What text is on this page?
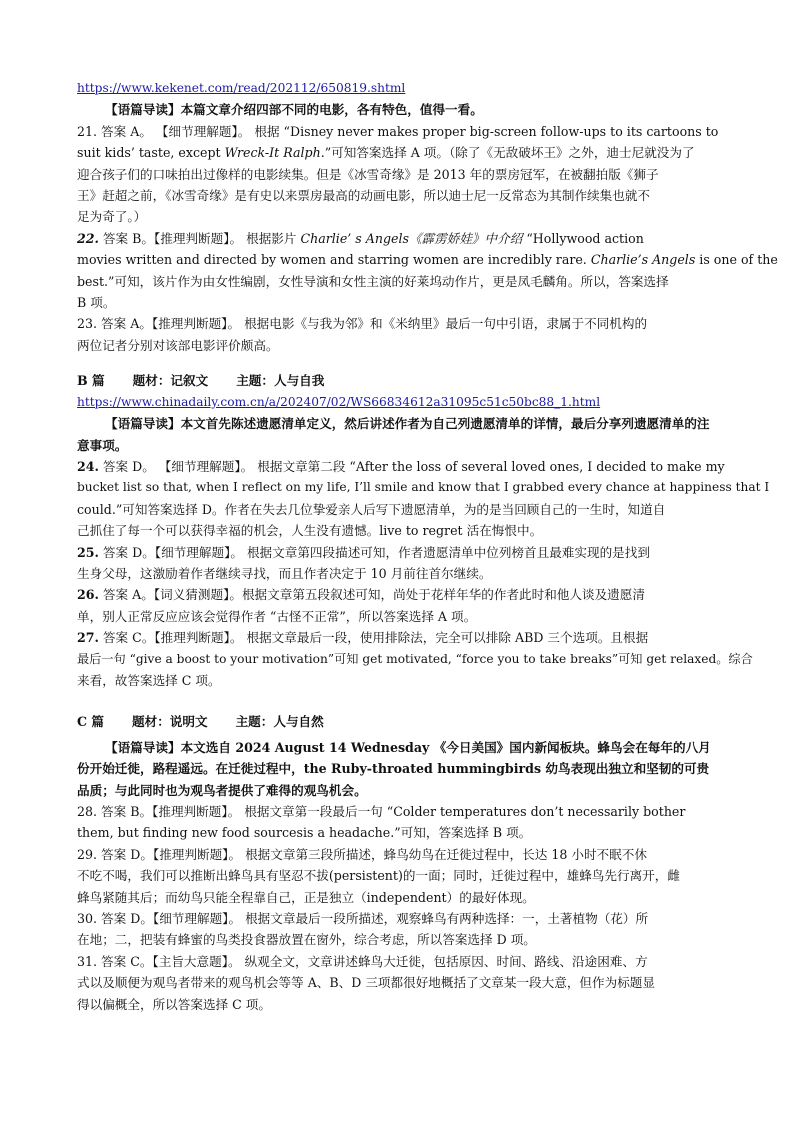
https://www.kekenet.com/read/202112/650819.shtml
【语篇导读】本篇文章介绍四部不同的电影，各有特色，值得一看。
21. 答案 A。 【细节理解题】。 根据 “Disney never makes proper big-screen follow-ups to its cartoons to
suit kids’ taste, except Wreck-It Ralph.”可知答案选择 A 项。（除了《无敌破坏王》之外，迪士尼就没为了
迎合孩子们的口味拍出过像样的电影续集。但是《冰雪奇缘》是 2013 年的票房冠军，在被翻拍版《狮子
王》赶超之前，《冰雪奇缘》是有史以来票房最高的动画电影，所以迪士尼一反常态为其制作续集也就不
足为奇了。）
22. 答案 B。【推理判断题】。 根据影片 Charlie’ s Angels《霹雳娇娃》中介绍 “Hollywood action
movies written and directed by women and starring women are incredibly rare. Charlie’s Angels is one of the
best.”可知，该片作为由女性编剧，女性导演和女性主演的好莱坞动作片，更是凤毛麟角。所以，答案选择
B 项。
23. 答案 A。【推理判断题】。 根据电影《与我为邻》和《米纳里》最后一句中引语，隶属于不同机构的
两位记者分别对该部电影评价颇高。
B 篇 题材：记叙文 主题：人与自我
https://www.chinadaily.com.cn/a/202407/02/WS66834612a31095c51c50bc88_1.html
【语篇导读】本文首先陈述遗愿清单定义，然后讲述作者为自己列遗愿清单的详情，最后分享列遗愿清单的注意事项。
24. 答案 D。 【细节理解题】。 根据文章第二段 “After the loss of several loved ones, I decided to make my
bucket list so that, when I reflect on my life, I’ll smile and know that I grabbed every chance at happiness that I
could.”可知答案选择 D。作者在失去几位挚爱亲人后写下遗愿清单，为的是当回顾自己的一生时，知道自
己抓住了每一个可以获得幸福的机会，人生没有遗憾。live to regret 活在悔恨中。
25. 答案 D。【细节理解题】。 根据文章第四段描述可知，作者遗愿清单中位列榜首且最难实现的是找到
生身父母，这激励着作者继续寻找，而且作者决定于 10 月前往首尔继续。
26. 答案 A。【词义猜测题】。根据文章第五段叙述可知，尚处于花样年华的作者此时和他人谈及遗愿清
单，别人正常反应应该会觉得作者 “古怪不正常”，所以答案选择 A 项。
27. 答案 C。【推理判断题】。 根据文章最后一段，使用排除法，完全可以排除 ABD 三个选项。且根据
最后一句 “give a boost to your motivation”可知 get motivated, “force you to take breaks”可知 get relaxed。综合
来看，故答案选择 C 项。
C 篇 题材：说明文 主题：人与自然
【语篇导读】本文选自 2024 August 14 Wednesday 《今日美国》国内新闻板块。蜂鸟会在每年的八月份开始迁徙，路程遥远。在迁徙过程中，the Ruby-throated hummingbirds 幼鸟表现出独立和坚韧的可贵品质；与此同时也为观鸟者提供了难得的观鸟机会。
28. 答案 B。【推理判断题】。 根据文章第一段最后一句 “Colder temperatures don’t necessarily bother
them, but finding new food sourcesis a headache.”可知，答案选择 B 项。
29. 答案 D。【推理判断题】。 根据文章第三段所描述，蜂鸟幼鸟在迁徙过程中，长达 18 小时不眠不休
不吃不喝，我们可以推断出蜂鸟具有坚忍不拔(persistent)的一面；同时，迁徙过程中，雄蜂鸟先行离开，雌
蜂鸟紧随其后；而幼鸟只能全程靠自己，正是独立（independent）的最好体现。
30. 答案 D。【细节理解题】。 根据文章最后一段所描述，观察蜂鸟有两种选择：一，土著植物（花）所
在地；二，把装有蜂蜜的鸟类投食器放置在窗外，综合考虑，所以答案选择 D 项。
31. 答案 C。【主旨大意题】。 纵观全文，文章讲述蜂鸟大迁徙，包括原因、时间、路线、沿途困难、方
式以及顺便为观鸟者带来的观鸟机会等等 A、B、D 三项都很好地概括了文章某一段大意，但作为标题显
得以偏概全，所以答案选择 C 项。
